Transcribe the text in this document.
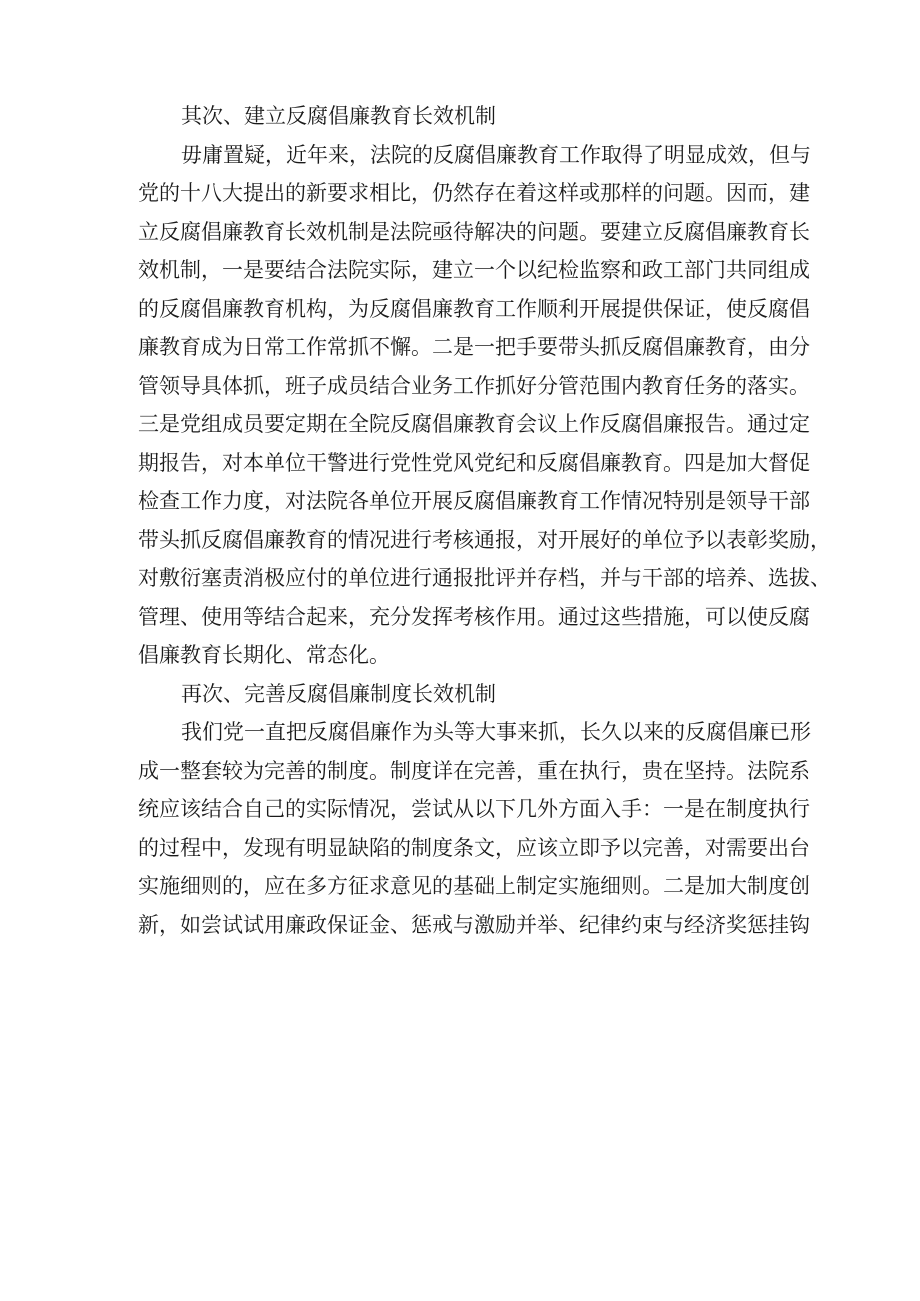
其次、建立反腐倡廉教育长效机制
毋庸置疑，近年来，法院的反腐倡廉教育工作取得了明显成效，但与
党的十八大提出的新要求相比，仍然存在着这样或那样的问题。因而，建
立反腐倡廉教育长效机制是法院亟待解决的问题。要建立反腐倡廉教育长
效机制，一是要结合法院实际，建立一个以纪检监察和政工部门共同组成
的反腐倡廉教育机构，为反腐倡廉教育工作顺利开展提供保证，使反腐倡
廉教育成为日常工作常抓不懈。二是一把手要带头抓反腐倡廉教育，由分
管领导具体抓，班子成员结合业务工作抓好分管范围内教育任务的落实。
三是党组成员要定期在全院反腐倡廉教育会议上作反腐倡廉报告。通过定
期报告，对本单位干警进行党性党风党纪和反腐倡廉教育。四是加大督促
检查工作力度，对法院各单位开展反腐倡廉教育工作情况特别是领导干部
带头抓反腐倡廉教育的情况进行考核通报，对开展好的单位予以表彰奖励，
对敷衍塞责消极应付的单位进行通报批评并存档，并与干部的培养、选拔、
管理、使用等结合起来，充分发挥考核作用。通过这些措施，可以使反腐
倡廉教育长期化、常态化。
再次、完善反腐倡廉制度长效机制
我们党一直把反腐倡廉作为头等大事来抓，长久以来的反腐倡廉已形
成一整套较为完善的制度。制度详在完善，重在执行，贵在坚持。法院系
统应该结合自己的实际情况，尝试从以下几外方面入手：一是在制度执行
的过程中，发现有明显缺陷的制度条文，应该立即予以完善，对需要出台
实施细则的，应在多方征求意见的基础上制定实施细则。二是加大制度创
新，如尝试试用廉政保证金、惩戒与激励并举、纪律约束与经济奖惩挂钩
